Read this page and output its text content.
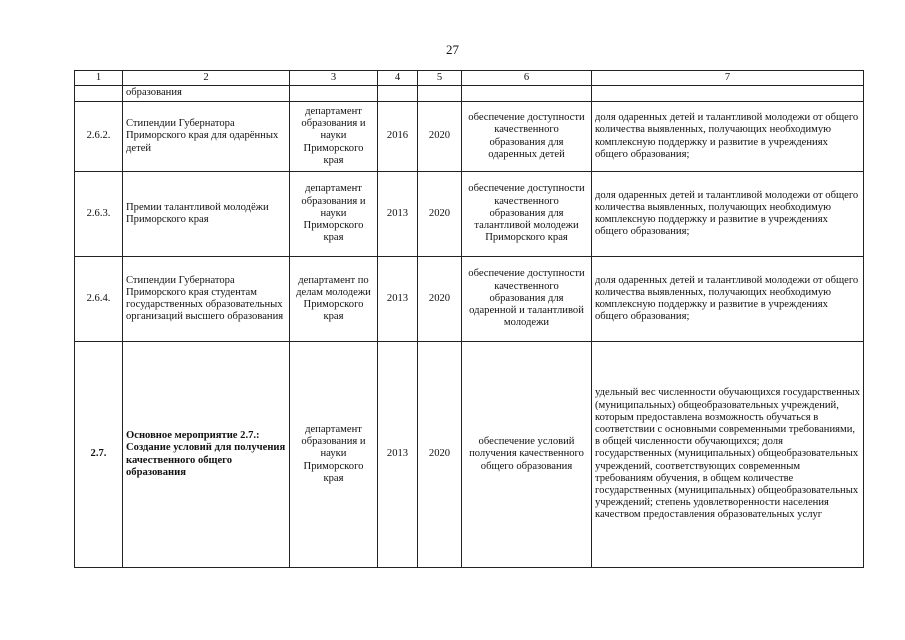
27
1	2	3	4	5	6	7
	образования					
2.6.2.	Стипендии Губернатора Приморского края для одарённых детей	департамент образования и науки Приморского края	2016	2020	обеспечение доступности качественного образования для одаренных детей	доля одаренных детей и талантливой молодежи от общего количества выявленных, получающих необходимую комплексную поддержку и развитие в учреждениях общего образования;
2.6.3.	Премии талантливой молодёжи Приморского края	департамент образования и науки Приморского края	2013	2020	обеспечение доступности качественного образования для талантливой молодежи Приморского края	доля одаренных детей и талантливой молодежи от общего количества выявленных, получающих необходимую комплексную поддержку и развитие в учреждениях общего образования;
2.6.4.	Стипендии Губернатора Приморского края студентам государственных образовательных организаций высшего образования	департамент по делам молодежи Приморского края	2013	2020	обеспечение доступности качественного образования для одаренной и талантливой молодежи	доля одаренных детей и талантливой молодежи от общего количества выявленных, получающих необходимую комплексную поддержку и развитие в учреждениях общего образования;
2.7.	Основное мероприятие 2.7.: Создание условий для получения качественного общего образования	департамент образования и науки Приморского края	2013	2020	обеспечение условий получения качественного общего образования	удельный вес численности обучающихся государственных (муниципальных) общеобразовательных учреждений, которым предоставлена возможность обучаться в соответствии с основными современными требованиями, в общей численности обучающихся; доля государственных (муниципальных) общеобразовательных учреждений, соответствующих современным требованиям обучения, в общем количестве государственных (муниципальных) общеобразовательных учреждений; степень удовлетворенности населения качеством предоставления образовательных услуг
